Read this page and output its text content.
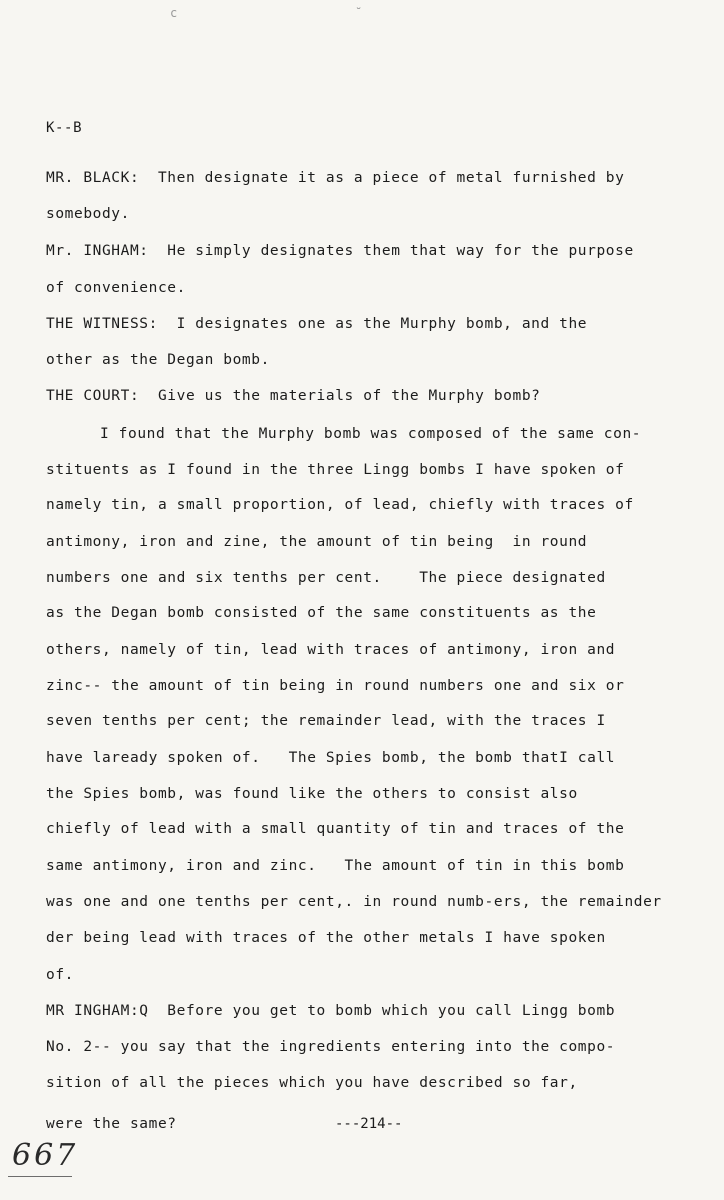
c	˘
K--B
MR. BLACK:  Then designate it as a piece of metal furnished by
somebody.
Mr. INGHAM:  He simply designates them that way for the purpose
of convenience.
THE WITNESS:  I designates one as the Murphy bomb, and the
other as the Degan bomb.
THE COURT:  Give us the materials of the Murphy bomb?
I found that the Murphy bomb was composed of the same con-
stituents as I found in the three Lingg bombs I have spoken of
namely tin, a small proportion, of lead, chiefly with traces of
antimony, iron and zine, the amount of tin being  in round
numbers one and six tenths per cent.    The piece designated
as the Degan bomb consisted of the same constituents as the
others, namely of tin, lead with traces of antimony, iron and
zinc-- the amount of tin being in round numbers one and six or
seven tenths per cent; the remainder lead, with the traces I
have laready spoken of.   The Spies bomb, the bomb thatI call
the Spies bomb, was found like the others to consist also
chiefly of lead with a small quantity of tin and traces of the
same antimony, iron and zinc.   The amount of tin in this bomb
was one and one tenths per cent,. in round numb-ers, the remainder
der being lead with traces of the other metals I have spoken
of.
MR INGHAM:Q  Before you get to bomb which you call Lingg bomb
No. 2-- you say that the ingredients entering into the compo-
sition of all the pieces which you have described so far,
were the same?	---214--
667
